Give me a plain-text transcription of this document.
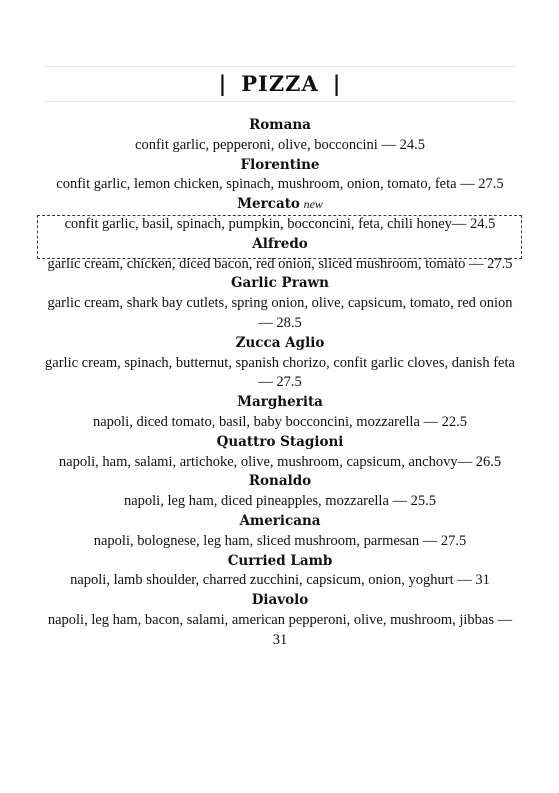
| PIZZA |
Romana
confit garlic, pepperoni, olive, bocconcini — 24.5
Florentine
confit garlic, lemon chicken, spinach, mushroom, onion, tomato, feta — 27.5
Mercato new
confit garlic, basil, spinach, pumpkin, bocconcini, feta, chili honey— 24.5
Alfredo
garlic cream, chicken, diced bacon, red onion, sliced mushroom, tomato — 27.5
Garlic Prawn
garlic cream, shark bay cutlets, spring onion, olive, capsicum, tomato, red onion— 28.5
Zucca Aglio
garlic cream, spinach, butternut, spanish chorizo, confit garlic cloves, danish feta— 27.5
Margherita
napoli, diced tomato, basil, baby bocconcini, mozzarella — 22.5
Quattro Stagioni
napoli, ham, salami, artichoke, olive, mushroom, capsicum, anchovy— 26.5
Ronaldo
napoli, leg ham, diced pineapples, mozzarella — 25.5
Americana
napoli, bolognese, leg ham, sliced mushroom, parmesan — 27.5
Curried Lamb
napoli, lamb shoulder, charred zucchini, capsicum, onion, yoghurt — 31
Diavolo
napoli, leg ham, bacon, salami, american pepperoni, olive, mushroom, jibbas — 31
